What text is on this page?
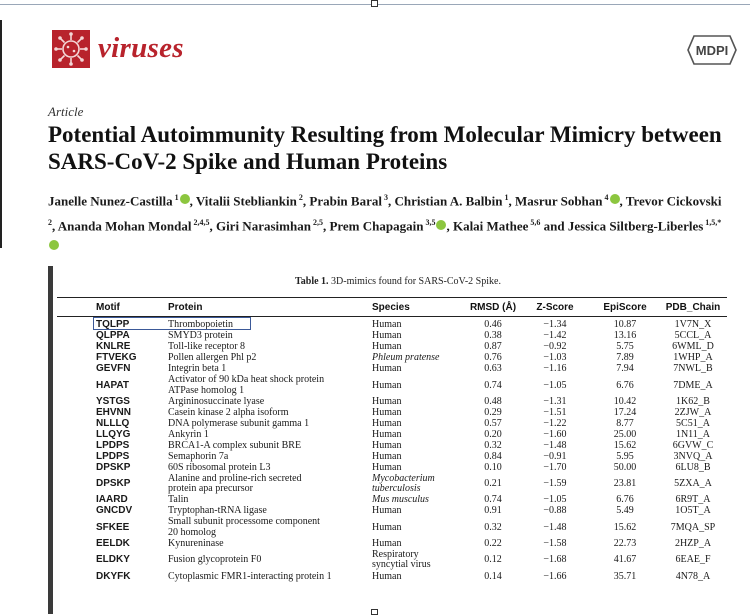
viruses	MDPI
Article
Potential Autoimmunity Resulting from Molecular Mimicry between SARS-CoV-2 Spike and Human Proteins

Janelle Nunez-Castilla $^1$ , Vitalii Stebliankin $^2$, Prabin Baral $^3$, Christian A. Balbin $^1$, Masrur Sobhan $^4$ , Trevor Cickovski $^2$, Ananda Mohan Mondal $^{2,4,5}$, Giri Narasimhan $^{2,5}$, Prem Chapagain $^{3,5}$ , Kalai Mathee $^{5,6}$ and Jessica Siltberg-Liberles $^{1,5,*}$

Table 1. 3D-mimics found for SARS-CoV-2 Spike.
Motif	Protein	Species	RMSD (Å)	Z-Score	EpiScore	PDB_Chain
TQLPP	Thrombopoietin	Human	0.46	−1.34	10.87	1V7N_X
QLPPA	SMYD3 protein	Human	0.38	−1.42	13.16	5CCL_A
KNLRE	Toll-like receptor 8	Human	0.87	−0.92	5.75	6WML_D
FTVEKG	Pollen allergen Phl p2	Phleum pratense	0.76	−1.03	7.89	1WHP_A
GEVFN	Integrin beta 1	Human	0.63	−1.16	7.94	7NWL_B
HAPAT	Activator of 90 kDa heat shock protein
ATPase homolog 1	Human	0.74	−1.05	6.76	7DME_A
YSTGS	Argininosuccinate lyase	Human	0.48	−1.31	10.42	1K62_B
EHVNN	Casein kinase 2 alpha isoform	Human	0.29	−1.51	17.24	2ZJW_A
NLLLQ	DNA polymerase subunit gamma 1	Human	0.57	−1.22	8.77	5C51_A
LLQYG	Ankyrin 1	Human	0.20	−1.60	25.00	1N11_A
LPDPS	BRCA1-A complex subunit BRE	Human	0.32	−1.48	15.62	6GVW_C
LPDPS	Semaphorin 7a	Human	0.84	−0.91	5.95	3NVQ_A
DPSKP	60S ribosomal protein L3	Human	0.10	−1.70	50.00	6LU8_B
DPSKP	Alanine and proline-rich secreted
protein apa precursor
Mycobacterium
tuberculosis	0.21	−1.59	23.81	5ZXA_A
IAARD	Talin	Mus musculus	0.74	−1.05	6.76	6R9T_A
GNCDV	Tryptophan-tRNA ligase	Human	0.91	−0.88	5.49	1O5T_A
SFKEE	Small subunit processome component
20 homolog	Human	0.32	−1.48	15.62	7MQA_SP
EELDK	Kynureninase	Human	0.22	−1.58	22.73	2HZP_A
ELDKY	Fusion glycoprotein F0	Respiratory
syncytial virus	0.12	−1.68	41.67	6EAE_F
DKYFK	Cytoplasmic FMR1-interacting protein 1	Human	0.14	−1.66	35.71	4N78_A
